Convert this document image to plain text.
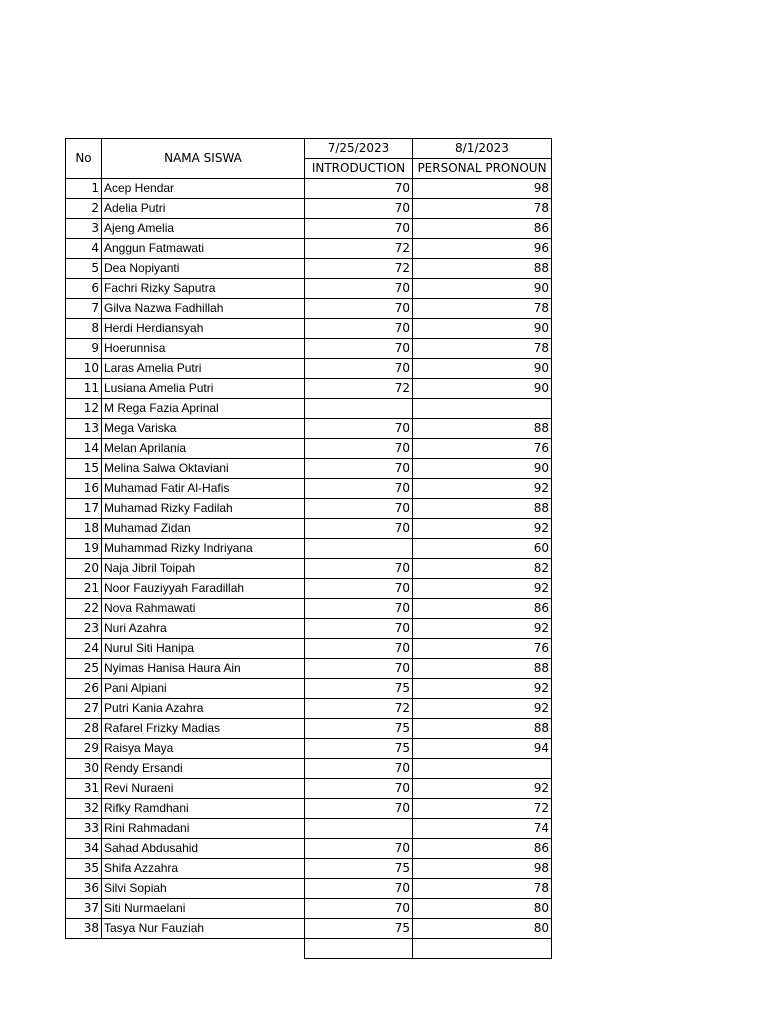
No	NAMA SISWA	7/25/2023	8/1/2023
		INTRODUCTION	PERSONAL PRONOUN
1	Acep Hendar	70	98
2	Adelia Putri	70	78
3	Ajeng Amelia	70	86
4	Anggun Fatmawati	72	96
5	Dea Nopiyanti	72	88
6	Fachri Rizky Saputra	70	90
7	Gilva Nazwa Fadhillah	70	78
8	Herdi Herdiansyah	70	90
9	Hoerunnisa	70	78
10	Laras Amelia Putri	70	90
11	Lusiana Amelia Putri	72	90
12	M Rega Fazia Aprinal		
13	Mega Variska	70	88
14	Melan Aprilania	70	76
15	Melina Salwa Oktaviani	70	90
16	Muhamad Fatir Al-Hafis	70	92
17	Muhamad Rizky Fadilah	70	88
18	Muhamad Zidan	70	92
19	Muhammad Rizky Indriyana		60
20	Naja Jibril Toipah	70	82
21	Noor Fauziyyah Faradillah	70	92
22	Nova Rahmawati	70	86
23	Nuri Azahra	70	92
24	Nurul Siti Hanipa	70	76
25	Nyimas Hanisa Haura Ain	70	88
26	Pani Alpiani	75	92
27	Putri Kania Azahra	72	92
28	Rafarel Frizky Madias	75	88
29	Raisya Maya	75	94
30	Rendy Ersandi	70	
31	Revi Nuraeni	70	92
32	Rifky Ramdhani	70	72
33	Rini Rahmadani		74
34	Sahad Abdusahid	70	86
35	Shifa Azzahra	75	98
36	Silvi Sopiah	70	78
37	Siti Nurmaelani	70	80
38	Tasya Nur Fauziah	75	80
